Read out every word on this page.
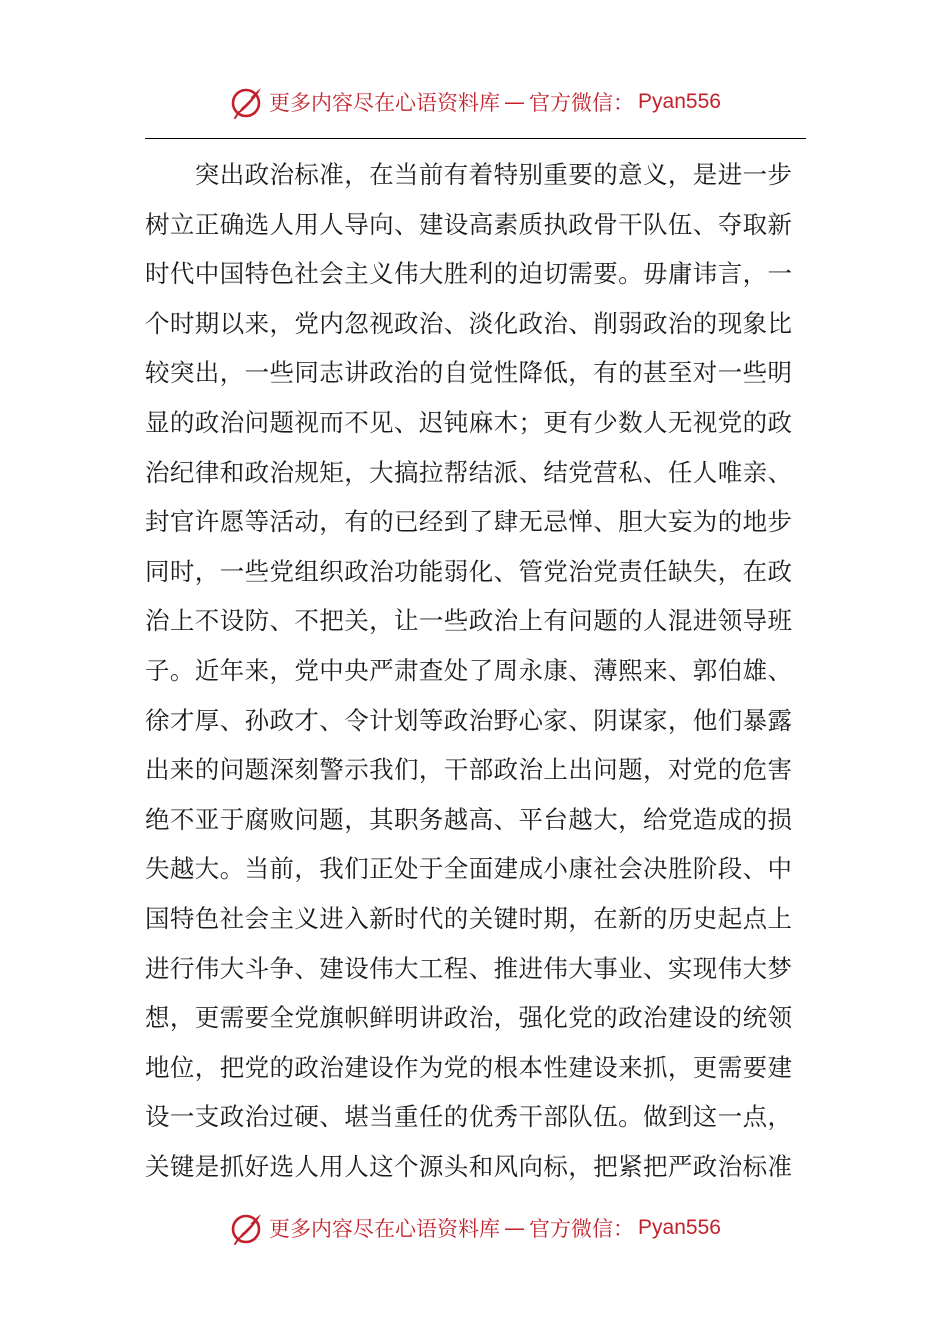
更多内容尽在心语资料库 — 官方微信： Pyan556
　　突出政治标准，在当前有着特别重要的意义，是进一步
树立正确选人用人导向、建设高素质执政骨干队伍、夺取新
时代中国特色社会主义伟大胜利的迫切需要。毋庸讳言，一
个时期以来，党内忽视政治、淡化政治、削弱政治的现象比
较突出，一些同志讲政治的自觉性降低，有的甚至对一些明
显的政治问题视而不见、迟钝麻木；更有少数人无视党的政
治纪律和政治规矩，大搞拉帮结派、结党营私、任人唯亲、
封官许愿等活动，有的已经到了肆无忌惮、胆大妄为的地步
同时，一些党组织政治功能弱化、管党治党责任缺失，在政
治上不设防、不把关，让一些政治上有问题的人混进领导班
子。近年来，党中央严肃查处了周永康、薄熙来、郭伯雄、
徐才厚、孙政才、令计划等政治野心家、阴谋家，他们暴露
出来的问题深刻警示我们，干部政治上出问题，对党的危害
绝不亚于腐败问题，其职务越高、平台越大，给党造成的损
失越大。当前，我们正处于全面建成小康社会决胜阶段、中
国特色社会主义进入新时代的关键时期，在新的历史起点上
进行伟大斗争、建设伟大工程、推进伟大事业、实现伟大梦
想，更需要全党旗帜鲜明讲政治，强化党的政治建设的统领
地位，把党的政治建设作为党的根本性建设来抓，更需要建
设一支政治过硬、堪当重任的优秀干部队伍。做到这一点，
关键是抓好选人用人这个源头和风向标，把紧把严政治标准
更多内容尽在心语资料库 — 官方微信： Pyan556
